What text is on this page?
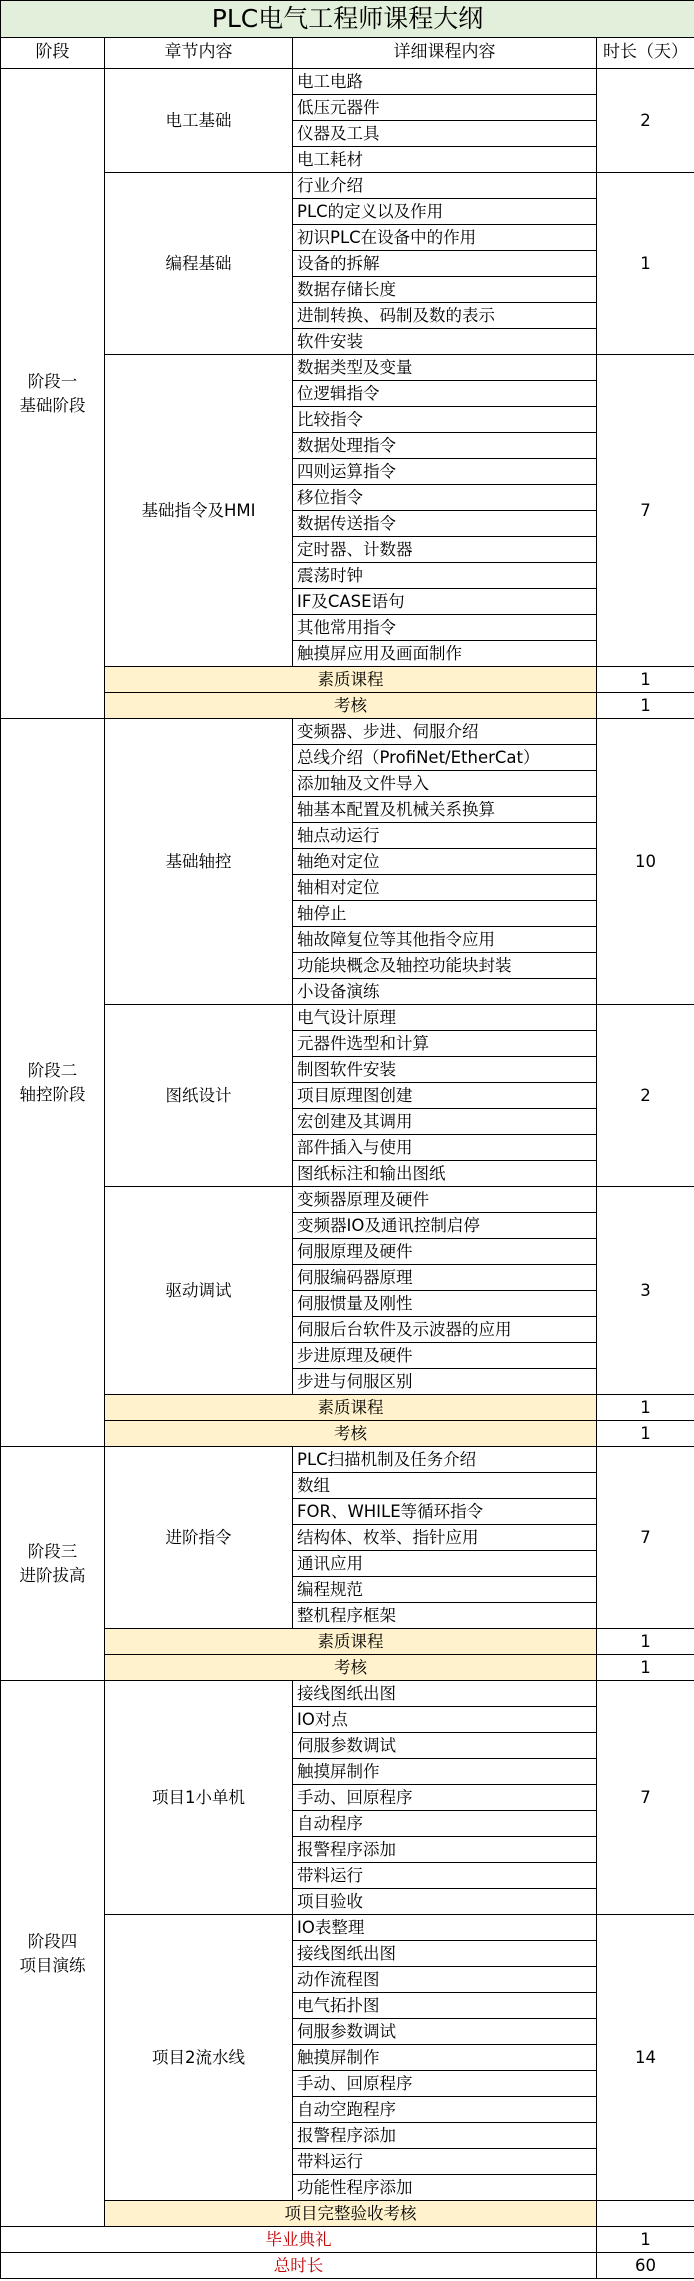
PLC电气工程师课程大纲			
阶段	章节内容	详细课程内容	时长（天）

阶段一
基础阶段	电工基础	电工电路	2
		低压元器件	
		仪器及工具	
		电工耗材	
	编程基础	行业介绍	1
		PLC的定义以及作用	
		初识PLC在设备中的作用	
		设备的拆解	
		数据存储长度	
		进制转换、码制及数的表示	
		软件安装	
	基础指令及HMI	数据类型及变量	7
		位逻辑指令	
		比较指令	
		数据处理指令	
		四则运算指令	
		移位指令	
		数据传送指令	
		定时器、计数器	
		震荡时钟	
		IF及CASE语句	
		其他常用指令	
		触摸屏应用及画面制作	
	素质课程		1
	考核		1

阶段二
轴控阶段	基础轴控	变频器、步进、伺服介绍	10
		总线介绍（ProfiNet/EtherCat）	
		添加轴及文件导入	
		轴基本配置及机械关系换算	
		轴点动运行	
		轴绝对定位	
		轴相对定位	
		轴停止	
		轴故障复位等其他指令应用	
		功能块概念及轴控功能块封装	
		小设备演练	
	图纸设计	电气设计原理	2
		元器件选型和计算	
		制图软件安装	
		项目原理图创建	
		宏创建及其调用	
		部件插入与使用	
		图纸标注和输出图纸	
	驱动调试	变频器原理及硬件	3
		变频器IO及通讯控制启停	
		伺服原理及硬件	
		伺服编码器原理	
		伺服惯量及刚性	
		伺服后台软件及示波器的应用	
		步进原理及硬件	
		步进与伺服区别	
	素质课程		1
	考核		1

阶段三
进阶拔高	进阶指令	PLC扫描机制及任务介绍	7
		数组	
		FOR、WHILE等循环指令	
		结构体、枚举、指针应用	
		通讯应用	
		编程规范	
		整机程序框架	
	素质课程		1
	考核		1

阶段四
项目演练	项目1小单机	接线图纸出图	7
		IO对点	
		伺服参数调试	
		触摸屏制作	
		手动、回原程序	
		自动程序	
		报警程序添加	
		带料运行	
		项目验收	
	项目2流水线	IO表整理	14
		接线图纸出图	
		动作流程图	
		电气拓扑图	
		伺服参数调试	
		触摸屏制作	
		手动、回原程序	
		自动空跑程序	
		报警程序添加	
		带料运行	
		功能性程序添加	
	项目完整验收考核		
毕业典礼			1
总时长			60
